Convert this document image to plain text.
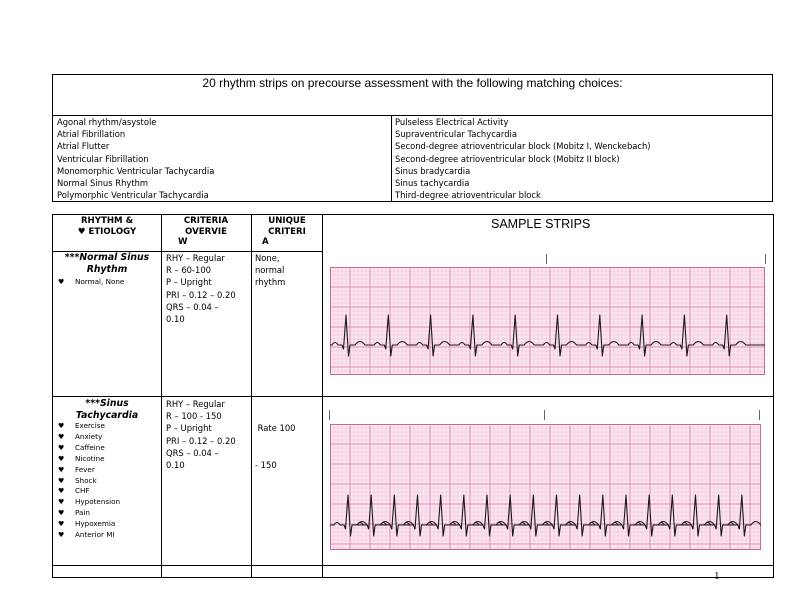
20 rhythm strips on precourse assessment with the following matching choices:
Agonal rhythm/asystole
Atrial Fibrillation
Atrial Flutter
Ventricular Fibrillation
Monomorphic Ventricular Tachycardia
Normal Sinus Rhythm
Polymorphic Ventricular Tachycardia
Pulseless Electrical Activity
Supraventricular Tachycardia
Second-degree atrioventricular block (Mobitz I, Wenckebach)
Second-degree atrioventricular block (Mobitz II block)
Sinus bradycardia
Sinus tachycardia
Third-degree atrioventricular block
RHYTHM &
♥ ETIOLOGY
CRITERIA
OVERVIE
W
UNIQUE
CRITERI
A
SAMPLE STRIPS
***Normal Sinus
Rhythm
♥ Normal, None
RHY – Regular
R – 60-100
P – Upright
PRI – 0.12 – 0.20
QRS – 0.04 –
0.10
None,
normal
rhythm
***Sinus
Tachycardia
♥ Exercise
♥ Anxiety
♥ Caffeine
♥ Nicotine
♥ Fever
♥ Shock
♥ CHF
♥ Hypotension
♥ Pain
♥ Hypoxemia
♥ Anterior MI
RHY – Regular
R – 100 - 150
P – Upright
PRI – 0.12 – 0.20
QRS – 0.04 –
0.10

Rate 100

- 150

1
